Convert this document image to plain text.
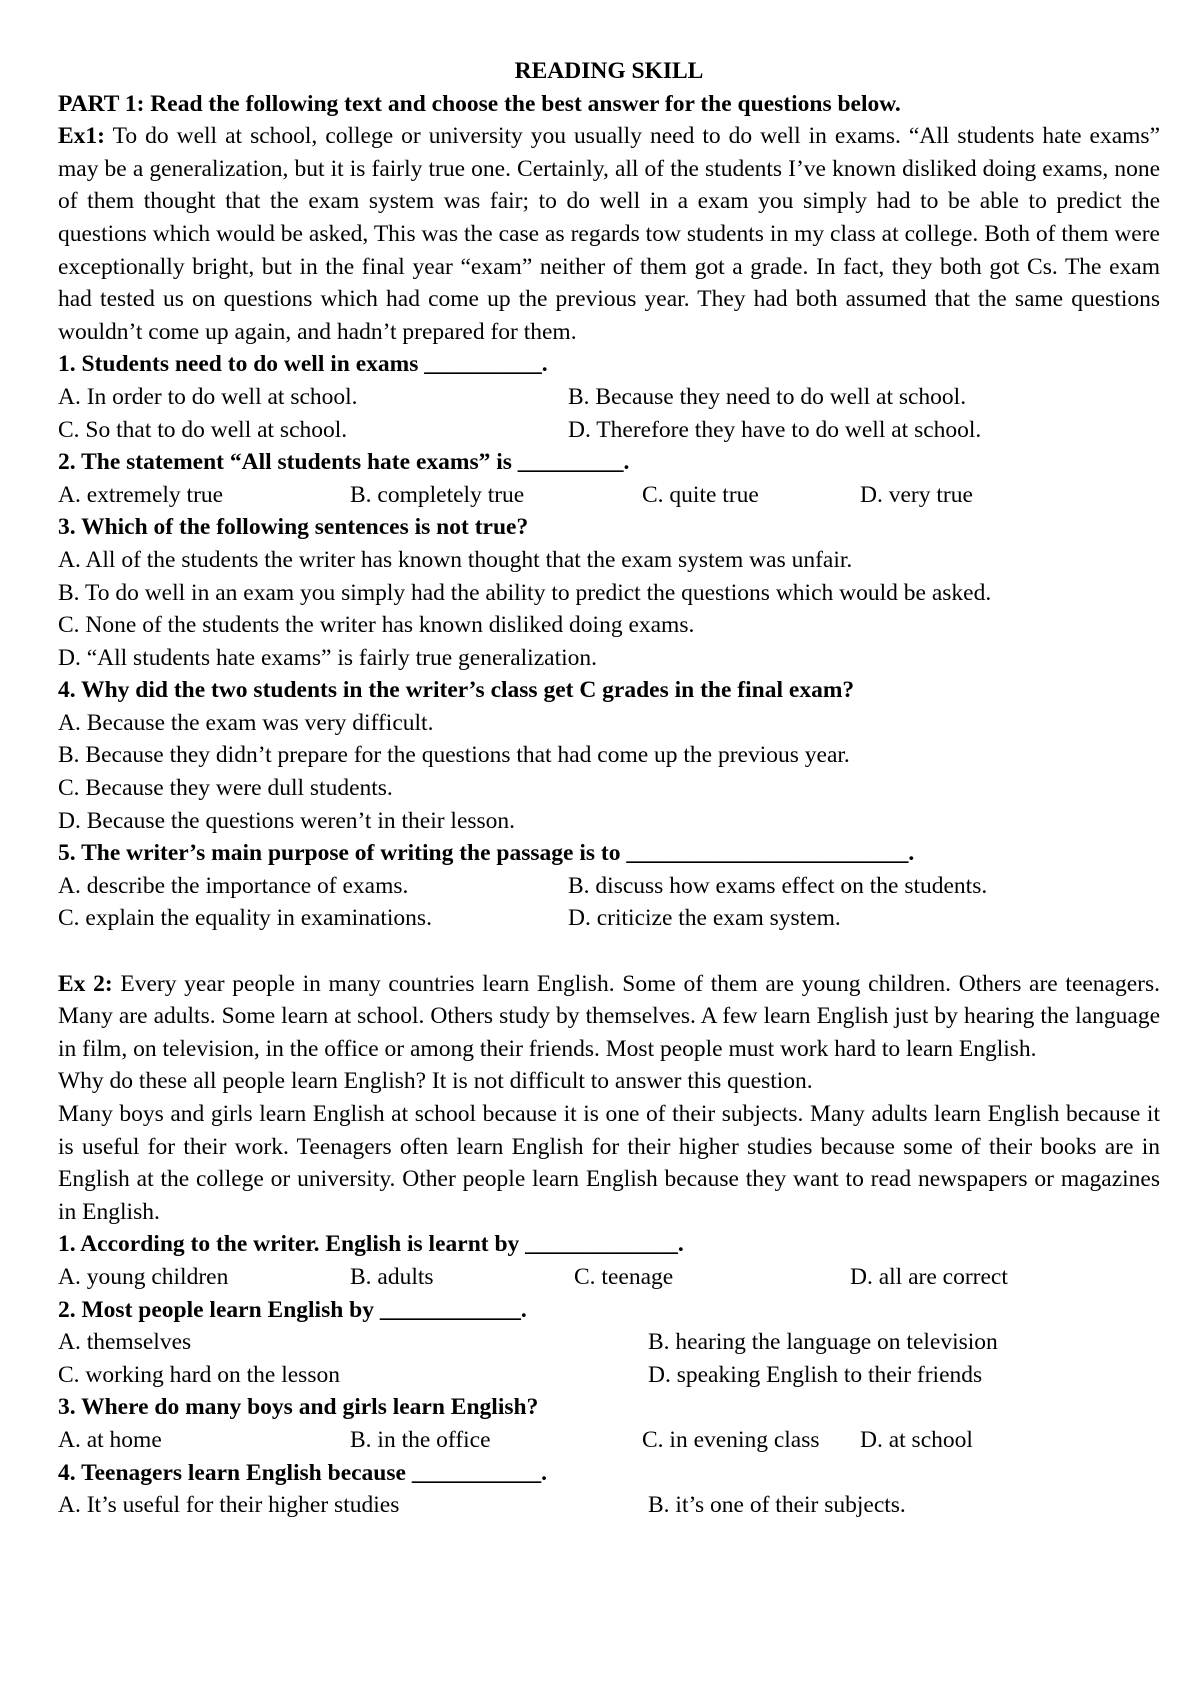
READING SKILL
PART 1: Read the following text and choose the best answer for the questions below.
Ex1: To do well at school, college or university you usually need to do well in exams. “All students hate exams” may be a generalization, but it is fairly true one. Certainly, all of the students I’ve known disliked doing exams, none of them thought that the exam system was fair; to do well in a exam you simply had to be able to predict the questions which would be asked, This was the case as regards tow students in my class at college. Both of them were exceptionally bright, but in the final year “exam” neither of them got a grade. In fact, they both got Cs. The exam had tested us on questions which had come up the previous year. They had both assumed that the same questions wouldn’t come up again, and hadn’t prepared for them.
1. Students need to do well in exams __________.
A. In order to do well at school.	B. Because they need to do well at school.
C. So that to do well at school.	D. Therefore they have to do well at school.
2. The statement “All students hate exams” is _________.
A. extremely true	B. completely true	C. quite true	D. very true
3. Which of the following sentences is not true?
A. All of the students the writer has known thought that the exam system was unfair.
B. To do well in an exam you simply had the ability to predict the questions which would be asked.
C. None of the students the writer has known disliked doing exams.
D. “All students hate exams” is fairly true generalization.
4. Why did the two students in the writer’s class get C grades in the final exam?
A. Because the exam was very difficult.
B. Because they didn’t prepare for the questions that had come up the previous year.
C. Because they were dull students.
D. Because the questions weren’t in their lesson.
5. The writer’s main purpose of writing the passage is to ________________________.
A. describe the importance of exams.	B. discuss how exams effect on the students.
C. explain the equality in examinations.	D. criticize the exam system.
Ex 2: Every year people in many countries learn English. Some of them are young children. Others are teenagers. Many are adults. Some learn at school. Others study by themselves. A few learn English just by hearing the language in film, on television, in the office or among their friends. Most people must work hard to learn English.
Why do these all people learn English? It is not difficult to answer this question.
Many boys and girls learn English at school because it is one of their subjects. Many adults learn English because it is useful for their work. Teenagers often learn English for their higher studies because some of their books are in English at the college or university. Other people learn English because they want to read newspapers or magazines in English.
1. According to the writer. English is learnt by _____________.
A. young children	B. adults	C. teenage	D. all are correct
2. Most people learn English by ____________.
A. themselves	B. hearing the language on television
C. working hard on the lesson	D. speaking English to their friends
3. Where do many boys and girls learn English?
A. at home	B. in the office	C. in evening class	D. at school
4. Teenagers learn English because ___________.
A. It’s useful for their higher studies	B. it’s one of their subjects.
